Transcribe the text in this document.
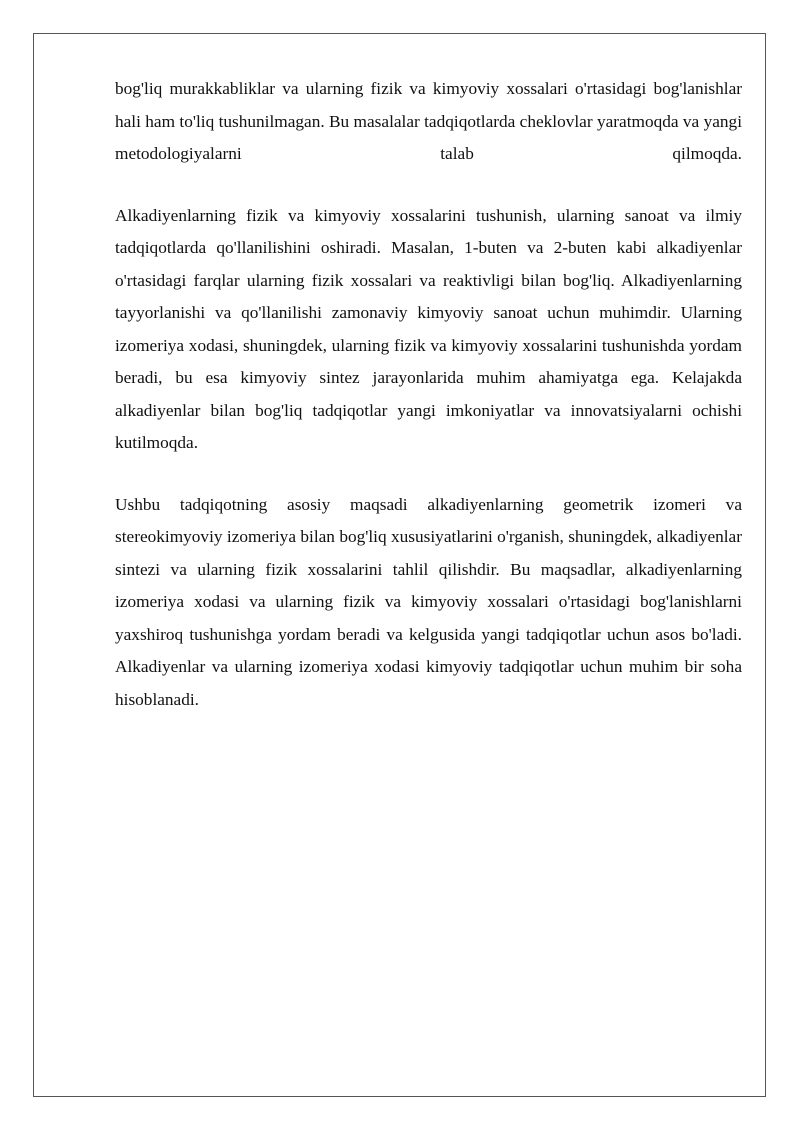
bog'liq murakkabliklar va ularning fizik va kimyoviy xossalari o'rtasidagi bog'lanishlar hali ham to'liq tushunilmagan. Bu masalalar tadqiqotlarda cheklovlar yaratmoqda va yangi metodologiyalarni talab qilmoqda.

Alkadiyenlarning fizik va kimyoviy xossalarini tushunish, ularning sanoat va ilmiy tadqiqotlarda qo'llanilishini oshiradi. Masalan, 1-buten va 2-buten kabi alkadiyenlar o'rtasidagi farqlar ularning fizik xossalari va reaktivligi bilan bog'liq. Alkadiyenlarning tayyorlanishi va qo'llanilishi zamonaviy kimyoviy sanoat uchun muhimdir. Ularning izomeriya xodasi, shuningdek, ularning fizik va kimyoviy xossalarini tushunishda yordam beradi, bu esa kimyoviy sintez jarayonlarida muhim ahamiyatga ega. Kelajakda alkadiyenlar bilan bog'liq tadqiqotlar yangi imkoniyatlar va innovatsiyalarni ochishi kutilmoqda.

Ushbu tadqiqotning asosiy maqsadi alkadiyenlarning geometrik izomeri va stereokimyoviy izomeriya bilan bog'liq xususiyatlarini o'rganish, shuningdek, alkadiyenlar sintezi va ularning fizik xossalarini tahlil qilishdir. Bu maqsadlar, alkadiyenlarning izomeriya xodasi va ularning fizik va kimyoviy xossalari o'rtasidagi bog'lanishlarni yaxshiroq tushunishga yordam beradi va kelgusida yangi tadqiqotlar uchun asos bo'ladi. Alkadiyenlar va ularning izomeriya xodasi kimyoviy tadqiqotlar uchun muhim bir soha hisoblanadi.
